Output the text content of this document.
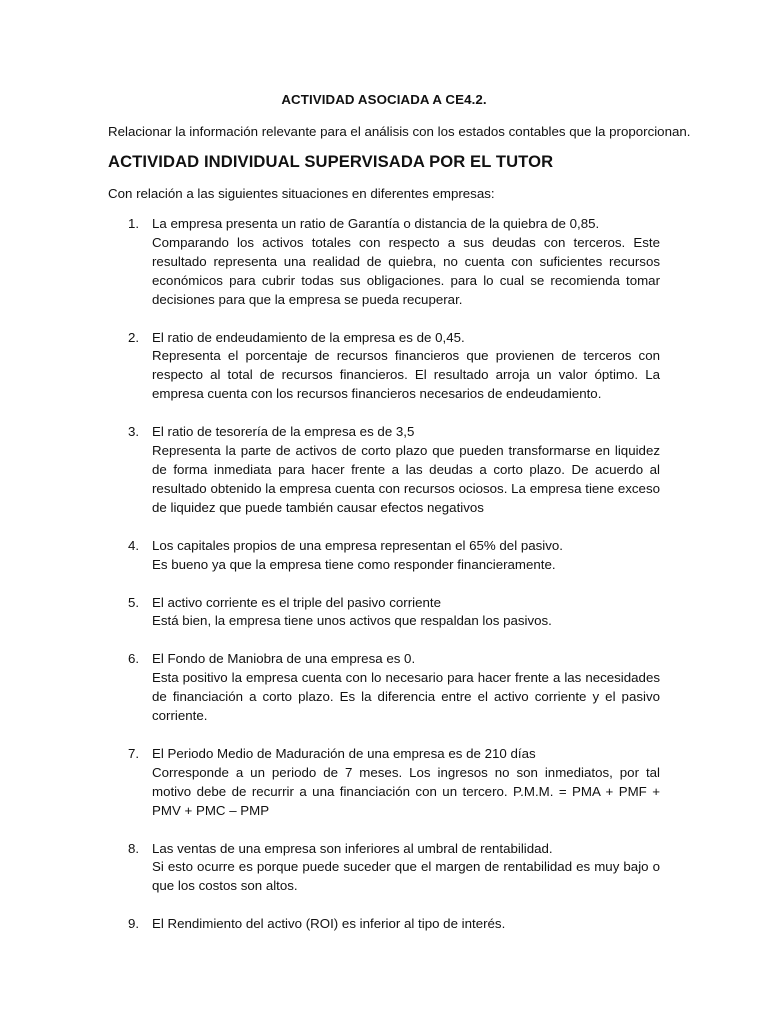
ACTIVIDAD ASOCIADA A CE4.2.
Relacionar la información relevante para el análisis con los estados contables que la proporcionan.
ACTIVIDAD INDIVIDUAL SUPERVISADA POR EL TUTOR
Con relación a las siguientes situaciones en diferentes empresas:
1. La empresa presenta un ratio de Garantía o distancia de la quiebra de 0,85.

Comparando los activos totales con respecto a sus deudas con terceros. Este resultado representa una realidad de quiebra, no cuenta con suficientes recursos económicos para cubrir todas sus obligaciones. para lo cual se recomienda tomar decisiones para que la empresa se pueda recuperar.

2. El ratio de endeudamiento de la empresa es de 0,45.

Representa el porcentaje de recursos financieros que provienen de terceros con respecto al total de recursos financieros. El resultado arroja un valor óptimo. La empresa cuenta con los recursos financieros necesarios de endeudamiento.

3. El ratio de tesorería de la empresa es de 3,5

Representa la parte de activos de corto plazo que pueden transformarse en liquidez de forma inmediata para hacer frente a las deudas a corto plazo. De acuerdo al resultado obtenido la empresa cuenta con recursos ociosos. La empresa tiene exceso de liquidez que puede también causar efectos negativos

4. Los capitales propios de una empresa representan el 65% del pasivo.

Es bueno ya que la empresa tiene como responder financieramente.

5. El activo corriente es el triple del pasivo corriente

Está bien, la empresa tiene unos activos que respaldan los pasivos.

6. El Fondo de Maniobra de una empresa es 0.

Esta positivo la empresa cuenta con lo necesario para hacer frente a las necesidades de financiación a corto plazo. Es la diferencia entre el activo corriente y el pasivo corriente.

7. El Periodo Medio de Maduración de una empresa es de 210 días

Corresponde a un periodo de 7 meses. Los ingresos no son inmediatos, por tal motivo debe de recurrir a una financiación con un tercero. P.M.M. = PMA + PMF + PMV + PMC – PMP

8. Las ventas de una empresa son inferiores al umbral de rentabilidad.

Si esto ocurre es porque puede suceder que el margen de rentabilidad es muy bajo o que los costos son altos.

9. El Rendimiento del activo (ROI) es inferior al tipo de interés.
